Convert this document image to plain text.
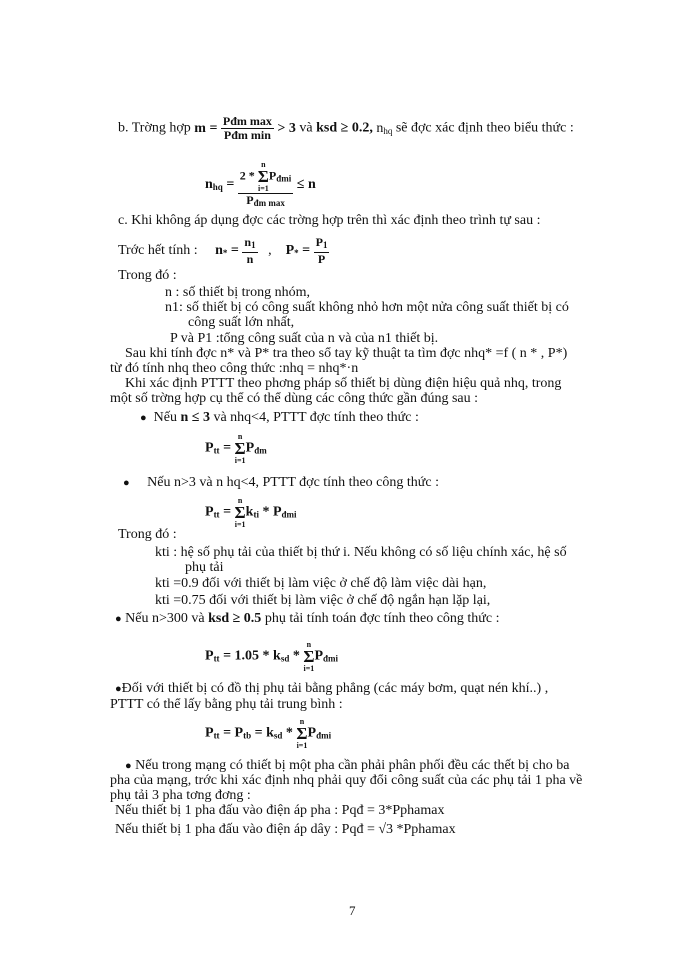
b. Trờng hợp $m = \frac{\text{Pđm max}}{\text{Pđm min}} > 3$ và ksd ≥ 0.2, $n_{hq}$ sẽ đợc xác định theo biểu thức :
$n_{hq} = 2$ *
n
Σ
i=1
$P_{đmi}$
$P_{đm max} \le n$
c. Khi không áp dụng đợc các trờng hợp trên thì xác định theo trình tự sau :
Trớc hết tính : $n_* = \frac{n_1}{n}$ ,    $P_* = \frac{P_1}{P}$
Trong đó :
n : số thiết bị trong nhóm,
n1: số thiết bị có công suất không nhỏ hơn một nửa công suất thiết bị có
công suất lớn nhất,
P và P1 :tổng công suất của n và của n1 thiết bị.
Sau khi tính đợc n* và P* tra theo sổ tay kỹ thuật ta tìm đợc nhq* =f ( n * , P*)
từ đó tính nhq theo công thức :nhq = nhq*·n
Khi xác định PTTT theo phơng pháp số thiết bị dùng điện hiệu quả nhq, trong
một số trờng hợp cụ thể có thể dùng các công thức gần đúng sau :
● Nếu n ≤ 3 và nhq<4, PTTT đợc tính theo thức :
$P_{tt}$ =
n
Σ
i=1
$P_{đm}$
● Nếu n>3 và n hq<4, PTTT đợc tính theo công thức :
$P_{tt}$ =
n
Σ
i=1
$k_{ti} * P_{đmi}$
Trong đó :
kti : hệ số phụ tải của thiết bị thứ i. Nếu không có số liệu chính xác, hệ số
phụ tải
kti =0.9 đối với thiết bị làm việc ở chế độ làm việc dài hạn,
kti =0.75 đối với thiết bị làm việc ở chế độ ngắn hạn lặp lại,
● Nếu n>300 và ksd ≥ 0.5 phụ tải tính toán đợc tính theo công thức :
$P_{tt} = 1.05 * k_{sd}$ *
n
Σ
i=1
$P_{đmi}$
●Đối với thiết bị có đồ thị phụ tải bằng phẳng (các máy bơm, quạt nén khí..) ,
PTTT có thể lấy bằng phụ tải trung bình :
$P_{tt} = P_{tb} = k_{sd}$ *
n
Σ
i=1
$P_{đmi}$
● Nếu trong mạng có thiết bị một pha cần phải phân phối đều các thết bị cho ba
pha của mạng, trớc khi xác định nhq phải quy đổi công suất của các phụ tải 1 pha về
phụ tải 3 pha tơng đơng :
Nếu thiết bị 1 pha đấu vào điện áp pha : Pqđ = 3*Pphamax
Nếu thiết bị 1 pha đấu vào điện áp dây : Pqđ = √3 *Pphamax
7
